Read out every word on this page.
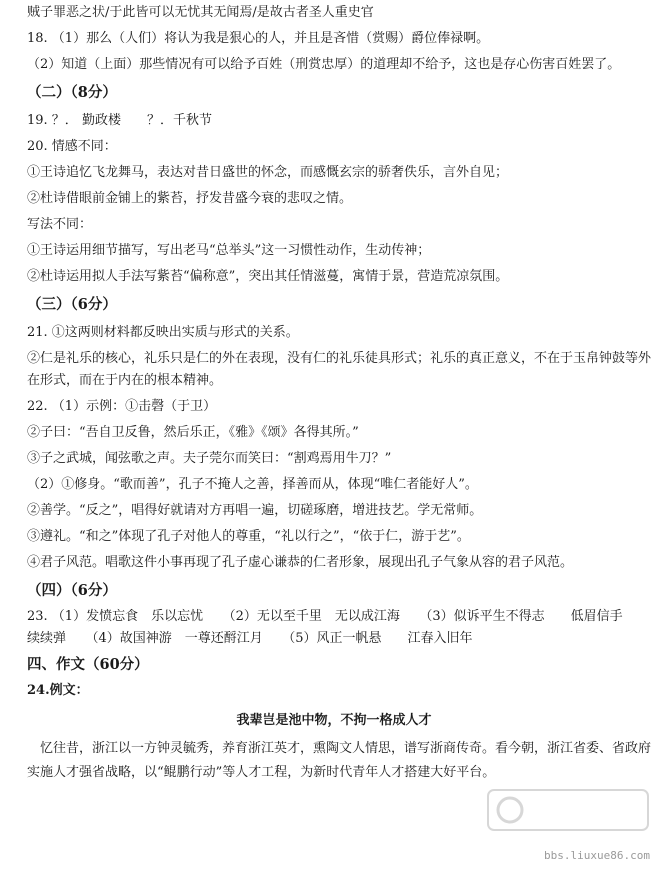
贼子罪恶之状/于此皆可以无忧其无闻焉/是故古者圣人重史官
18. （1）那么（人们）将认为我是狠心的人，并且是吝惜（赏赐）爵位俸禄啊。
（2）知道（上面）那些情况有可以给予百姓（刑赏忠厚）的道理却不给予，这也是存心伤害百姓罢了。
（二）（8分）
19. ？． 勤政楼　　？．千秋节
20. 情感不同：
①王诗追忆飞龙舞马，表达对昔日盛世的怀念，而感慨玄宗的骄奢佚乐，言外自见；
②杜诗借眼前金铺上的紫苔，抒发昔盛今衰的悲叹之情。
写法不同：
①王诗运用细节描写，写出老马“总举头”这一习惯性动作，生动传神；
②杜诗运用拟人手法写紫苔“偏称意”，突出其任情滋蔓，寓情于景，营造荒凉氛围。
（三）（6分）
21. ①这两则材料都反映出实质与形式的关系。
②仁是礼乐的核心，礼乐只是仁的外在表现，没有仁的礼乐徒具形式；礼乐的真正意义，不在于玉帛钟鼓等外
在形式，而在于内在的根本精神。
22. （1）示例：①击磬（于卫）
②子曰：“吾自卫反鲁，然后乐正，《雅》《颂》各得其所。”
③子之武城，闻弦歌之声。夫子莞尔而笑曰：“割鸡焉用牛刀？”
（2）①修身。“歌而善”，孔子不掩人之善，择善而从，体现“唯仁者能好人”。
②善学。“反之”，唱得好就请对方再唱一遍，切磋琢磨，增进技艺。学无常师。
③遵礼。“和之”体现了孔子对他人的尊重，“礼以行之”，“依于仁，游于艺”。
④君子风范。唱歌这件小事再现了孔子虚心谦恭的仁者形象，展现出孔子气象从容的君子风范。
（四）（6分）
23. （1）发愤忘食　乐以忘忧　　（2）无以至千里　无以成江海　　（3）似诉平生不得志　　低眉信手
续续弹　　（4）故国神游　一尊还酹江月　　（5）风正一帆悬　　江春入旧年
四、作文（60分）
24.例文：
我辈岂是池中物，不拘一格成人才
忆往昔，浙江以一方钟灵毓秀，养育浙江英才，熏陶文人情思，谱写浙商传奇。看今朝，浙江省委、省政府
实施人才强省战略，以“鲲鹏行动”等人才工程，为新时代青年人才搭建大好平台。
bbs.liuxue86.com
